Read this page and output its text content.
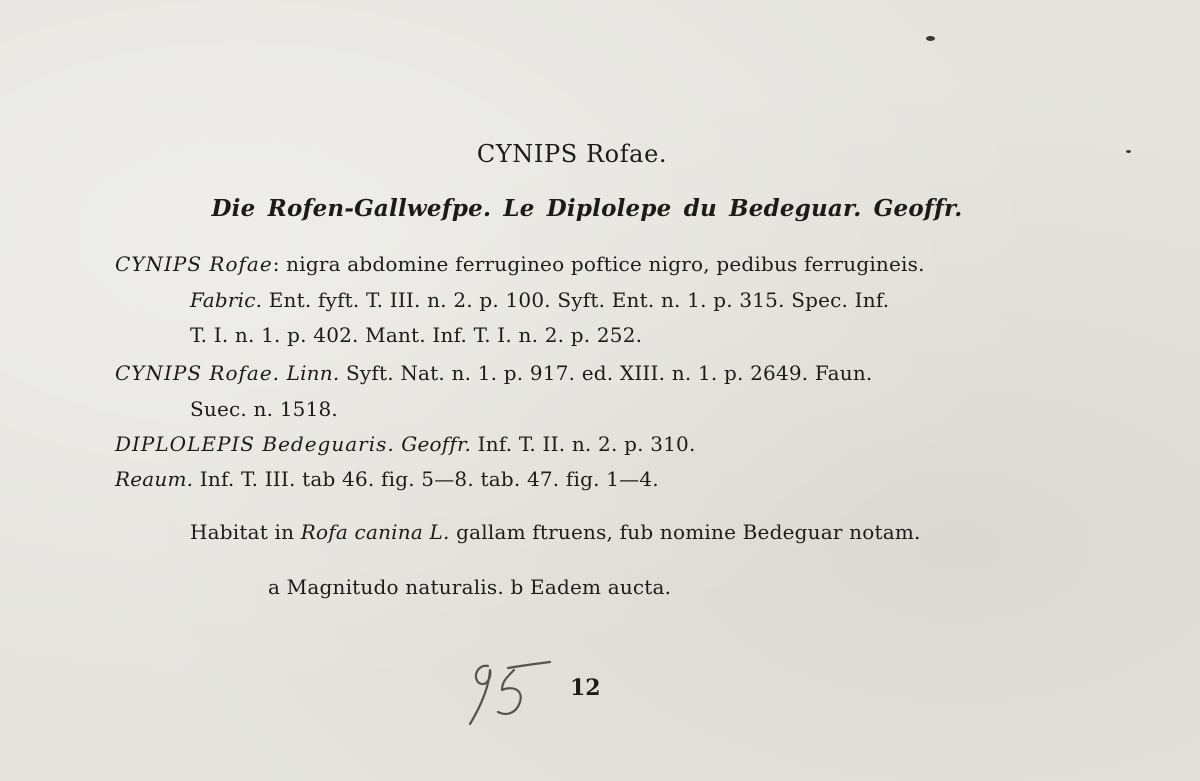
CYNIPS Rofae.
Die Rofen-Gallwefpe. Le Diplolepe du Bedeguar. Geoffr.
CYNIPS Rofae: nigra abdomine ferrugineo poftice nigro, pedibus ferrugineis.
Fabric. Ent. fyft. T. III. n. 2. p. 100. Syft. Ent. n. 1. p. 315. Spec. Inf.
T. I. n. 1. p. 402. Mant. Inf. T. I. n. 2. p. 252.
CYNIPS Rofae. Linn. Syft. Nat. n. 1. p. 917. ed. XIII. n. 1. p. 2649. Faun.
Suec. n. 1518.
DIPLOLEPIS Bedeguaris. Geoffr. Inf. T. II. n. 2. p. 310.
Reaum. Inf. T. III. tab 46. fig. 5—8. tab. 47. fig. 1—4.
Habitat in Rofa canina L. gallam ftruens, fub nomine Bedeguar notam.
a Magnitudo naturalis. b Eadem aucta.
12
